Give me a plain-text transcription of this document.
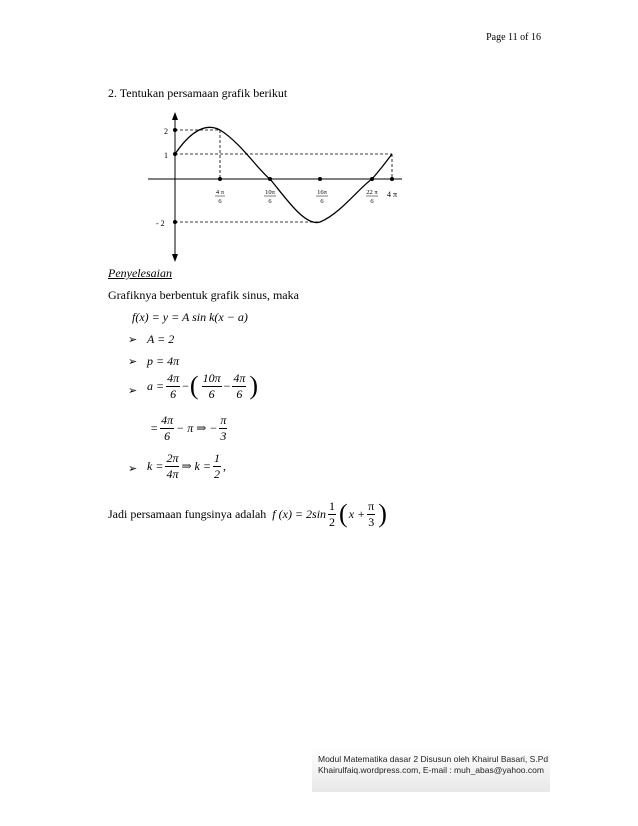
Page 11 of 16
2. Tentukan persamaan grafik berikut
2
1
- 2
4 π
6
10π
6
16π
6
22 π
6
4 π
Penyelesaian
Grafiknya berbentuk grafik sinus, maka
f(x) = y = A sin k(x − a)
➢ A = 2
➢ p = 4π
➢ $a = \frac{4\pi}{6}$ − ( $\frac{10\pi}{6} - \frac{4\pi}{6}$ )
= $\frac{4\pi}{6} - \pi$ ⇒ − $\frac{\pi}{3}$
➢ $k = \frac{2\pi}{4\pi}$ ⇒ $k = \frac{1}{2}$ ,
Jadi persamaan fungsinya adalah f $(x) = 2\sin \frac{1}{2}$ ( $x + \frac{\pi}{3}$ )
Modul Matematika dasar 2 Disusun oleh Khairul Basari, S.Pd
Khairulfaiq.wordpress.com, E-mail : muh_abas@yahoo.com
